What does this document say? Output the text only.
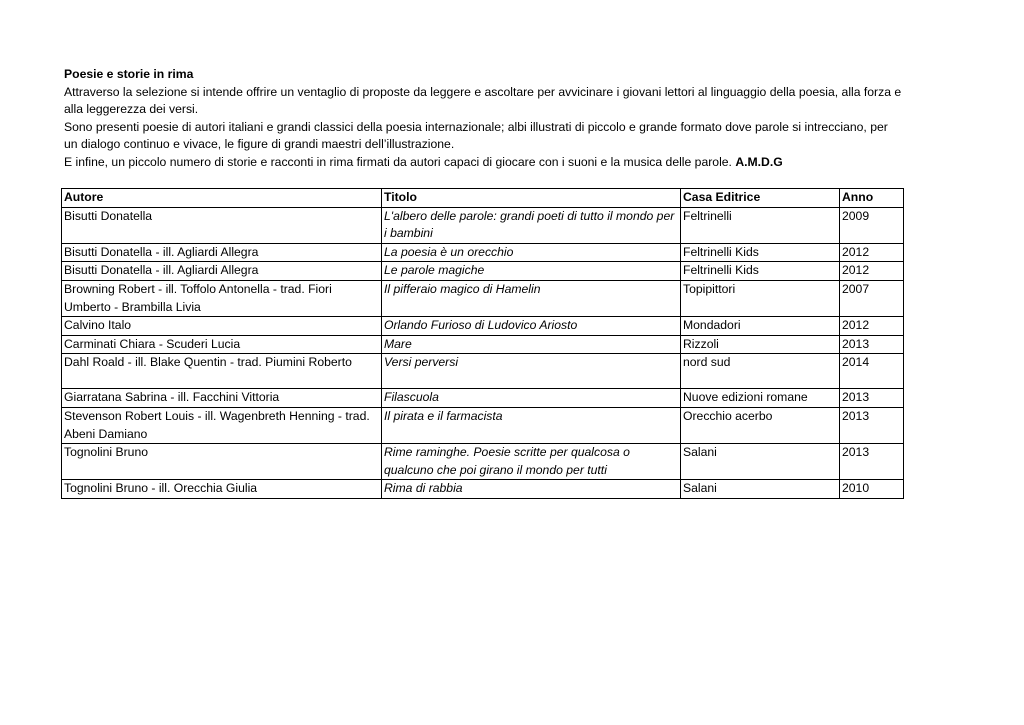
Poesie e storie in rima

Attraverso la selezione si intende offrire un ventaglio di proposte da leggere e ascoltare per avvicinare i giovani lettori al linguaggio della poesia, alla forza e alla leggerezza dei versi.

Sono presenti poesie di autori italiani e grandi classici della poesia internazionale; albi illustrati di piccolo e grande formato dove parole si intrecciano, per un dialogo continuo e vivace, le figure di grandi maestri dell’illustrazione.

E infine, un piccolo numero di storie e racconti in rima firmati da autori capaci di giocare con i suoni e la musica delle parole. A.M.D.G

Autore	Titolo	Casa Editrice	Anno
Bisutti Donatella	L'albero delle parole: grandi poeti di tutto il mondo per i bambini	Feltrinelli	2009
Bisutti Donatella - ill. Agliardi Allegra	La poesia è un orecchio	Feltrinelli Kids	2012
Bisutti Donatella - ill. Agliardi Allegra	Le parole magiche	Feltrinelli Kids	2012
Browning Robert - ill. Toffolo Antonella - trad. Fiori Umberto - Brambilla Livia	Il pifferaio magico di Hamelin	Topipittori	2007
Calvino Italo	Orlando Furioso di Ludovico Ariosto	Mondadori	2012
Carminati Chiara - Scuderi Lucia	Mare	Rizzoli	2013
Dahl Roald - ill. Blake Quentin - trad. Piumini Roberto	Versi perversi	nord sud	2014
Giarratana Sabrina - ill. Facchini Vittoria	Filascuola	Nuove edizioni romane	2013
Stevenson Robert Louis - ill. Wagenbreth Henning - trad. Abeni Damiano	Il pirata e il farmacista	Orecchio acerbo	2013
Tognolini Bruno	Rime raminghe. Poesie scritte per qualcosa o qualcuno che poi girano il mondo per tutti	Salani	2013
Tognolini Bruno - ill. Orecchia Giulia	Rima di rabbia	Salani	2010
